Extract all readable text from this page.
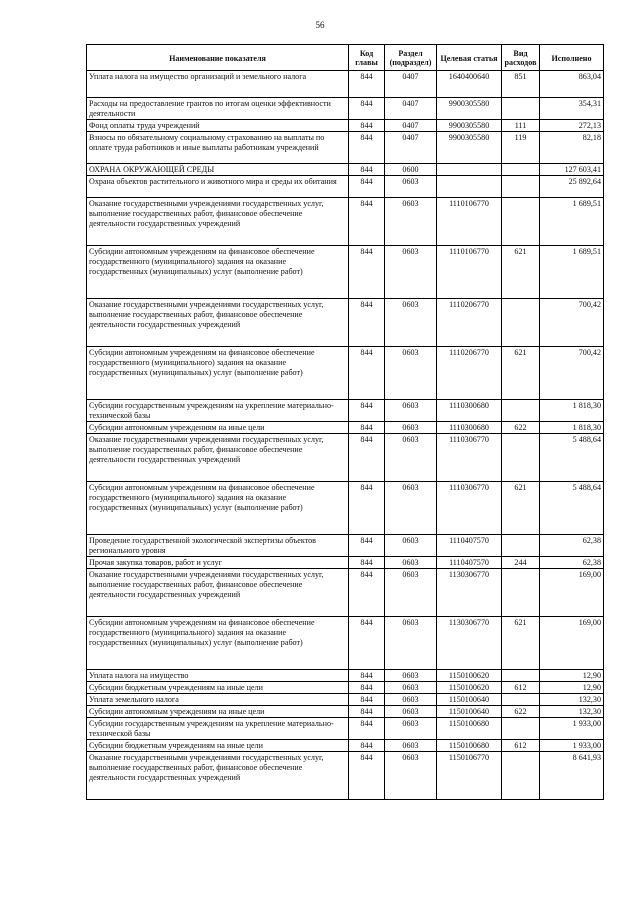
56
Наименование показателя	Код главы	Раздел (подраздел)	Целевая статья	Вид расходов	Исполнено
Уплата налога на имущество организаций и земельного налога	844	0407	1640400640	851	863,04
Расходы на предоставление грантов по итогам оценки эффективности деятельности	844	0407	9900305580		354,31
Фонд оплаты труда учреждений	844	0407	9900305580	111	272,13
Взносы по обязательному социальному страхованию на выплаты по оплате труда работников и иные выплаты работникам учреждений	844	0407	9900305580	119	82,18
ОХРАНА ОКРУЖАЮЩЕЙ СРЕДЫ	844	0600			127 603,41
Охрана объектов растительного и животного мира и среды их обитания	844	0603			25 892,64
Оказание государственными учреждениями государственных услуг, выполнение государственных работ, финансовое обеспечение деятельности государственных учреждений	844	0603	1110106770		1 689,51
Субсидии автономным учреждениям на финансовое обеспечение государственного (муниципального) задания на оказание государственных (муниципальных) услуг (выполнение работ)	844	0603	1110106770	621	1 689,51
Оказание государственными учреждениями государственных услуг, выполнение государственных работ, финансовое обеспечение деятельности государственных учреждений	844	0603	1110206770		700,42
Субсидии автономным учреждениям на финансовое обеспечение государственного (муниципального) задания на оказание государственных (муниципальных) услуг (выполнение работ)	844	0603	1110206770	621	700,42
Субсидии государственным учреждениям на укрепление материально-технической базы	844	0603	1110300680		1 818,30
Субсидии автономным учреждениям на иные цели	844	0603	1110300680	622	1 818,30
Оказание государственными учреждениями государственных услуг, выполнение государственных работ, финансовое обеспечение деятельности государственных учреждений	844	0603	1110306770		5 488,64
Субсидии автономным учреждениям на финансовое обеспечение государственного (муниципального) задания на оказание государственных (муниципальных) услуг (выполнение работ)	844	0603	1110306770	621	5 488,64
Проведение государственной экологической экспертизы объектов регионального уровня	844	0603	1110407570		62,38
Прочая закупка товаров, работ и услуг	844	0603	1110407570	244	62,38
Оказание государственными учреждениями государственных услуг, выполнение государственных работ, финансовое обеспечение деятельности государственных учреждений	844	0603	1130306770		169,00
Субсидии автономным учреждениям на финансовое обеспечение государственного (муниципального) задания на оказание государственных (муниципальных) услуг (выполнение работ)	844	0603	1130306770	621	169,00
Уплата налога на имущество	844	0603	1150100620		12,90
Субсидии бюджетным учреждениям на иные цели	844	0603	1150100620	612	12,90
Уплата земельного налога	844	0603	1150100640		132,30
Субсидии автономным учреждениям на иные цели	844	0603	1150100640	622	132,30
Субсидии государственным учреждениям на укрепление материально-технической базы	844	0603	1150100680		1 933,00
Субсидии бюджетным учреждениям на иные цели	844	0603	1150100680	612	1 933,00
Оказание государственными учреждениями государственных услуг, выполнение государственных работ, финансовое обеспечение деятельности государственных учреждений	844	0603	1150106770		8 641,93
